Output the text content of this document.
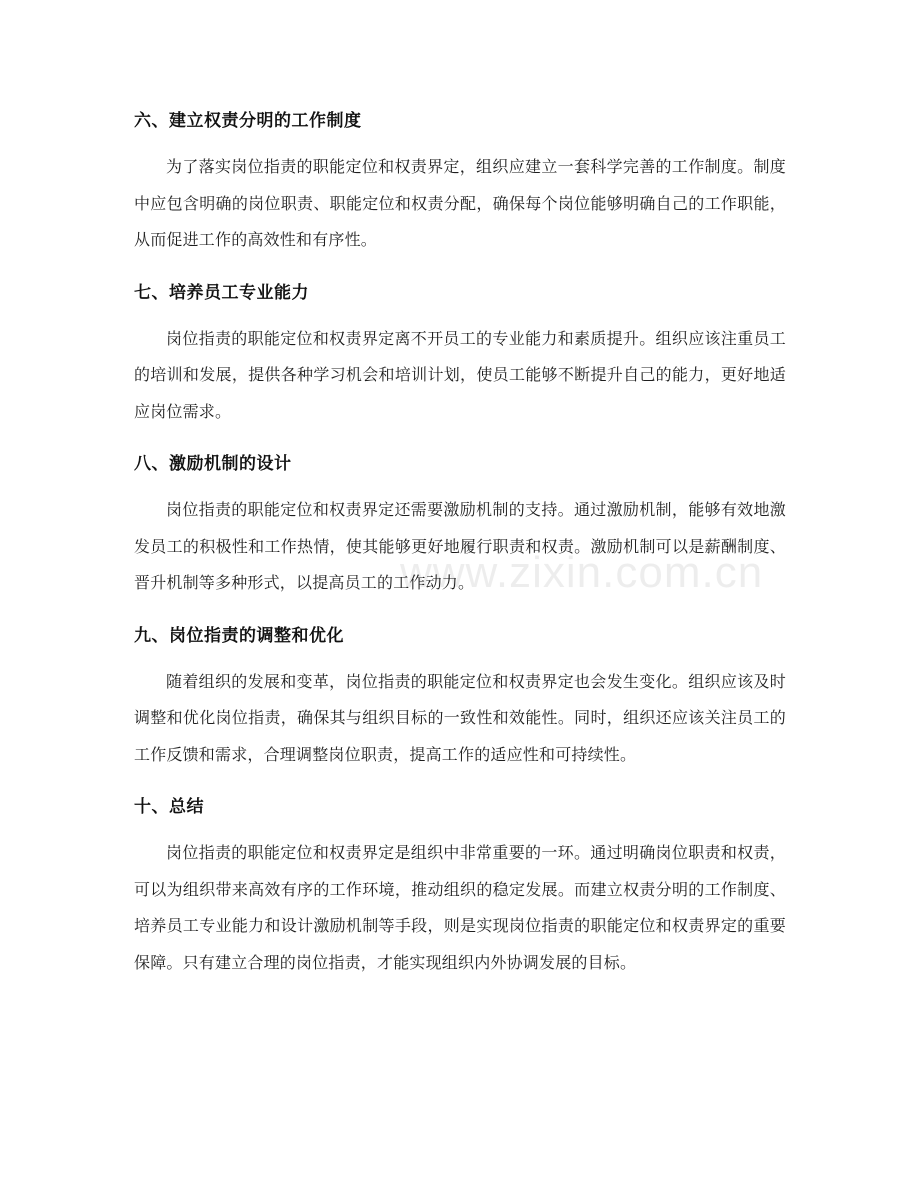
六、建立权责分明的工作制度

为了落实岗位指责的职能定位和权责界定，组织应建立一套科学完善的工作制度。制度中应包含明确的岗位职责、职能定位和权责分配，确保每个岗位能够明确自己的工作职能，从而促进工作的高效性和有序性。

七、培养员工专业能力

岗位指责的职能定位和权责界定离不开员工的专业能力和素质提升。组织应该注重员工的培训和发展，提供各种学习机会和培训计划，使员工能够不断提升自己的能力，更好地适应岗位需求。

八、激励机制的设计

岗位指责的职能定位和权责界定还需要激励机制的支持。通过激励机制，能够有效地激发员工的积极性和工作热情，使其能够更好地履行职责和权责。激励机制可以是薪酬制度、晋升机制等多种形式，以提高员工的工作动力。

九、岗位指责的调整和优化

随着组织的发展和变革，岗位指责的职能定位和权责界定也会发生变化。组织应该及时调整和优化岗位指责，确保其与组织目标的一致性和效能性。同时，组织还应该关注员工的工作反馈和需求，合理调整岗位职责，提高工作的适应性和可持续性。

十、总结

岗位指责的职能定位和权责界定是组织中非常重要的一环。通过明确岗位职责和权责，可以为组织带来高效有序的工作环境，推动组织的稳定发展。而建立权责分明的工作制度、培养员工专业能力和设计激励机制等手段，则是实现岗位指责的职能定位和权责界定的重要保障。只有建立合理的岗位指责，才能实现组织内外协调发展的目标。

www.zixin.com.cn
